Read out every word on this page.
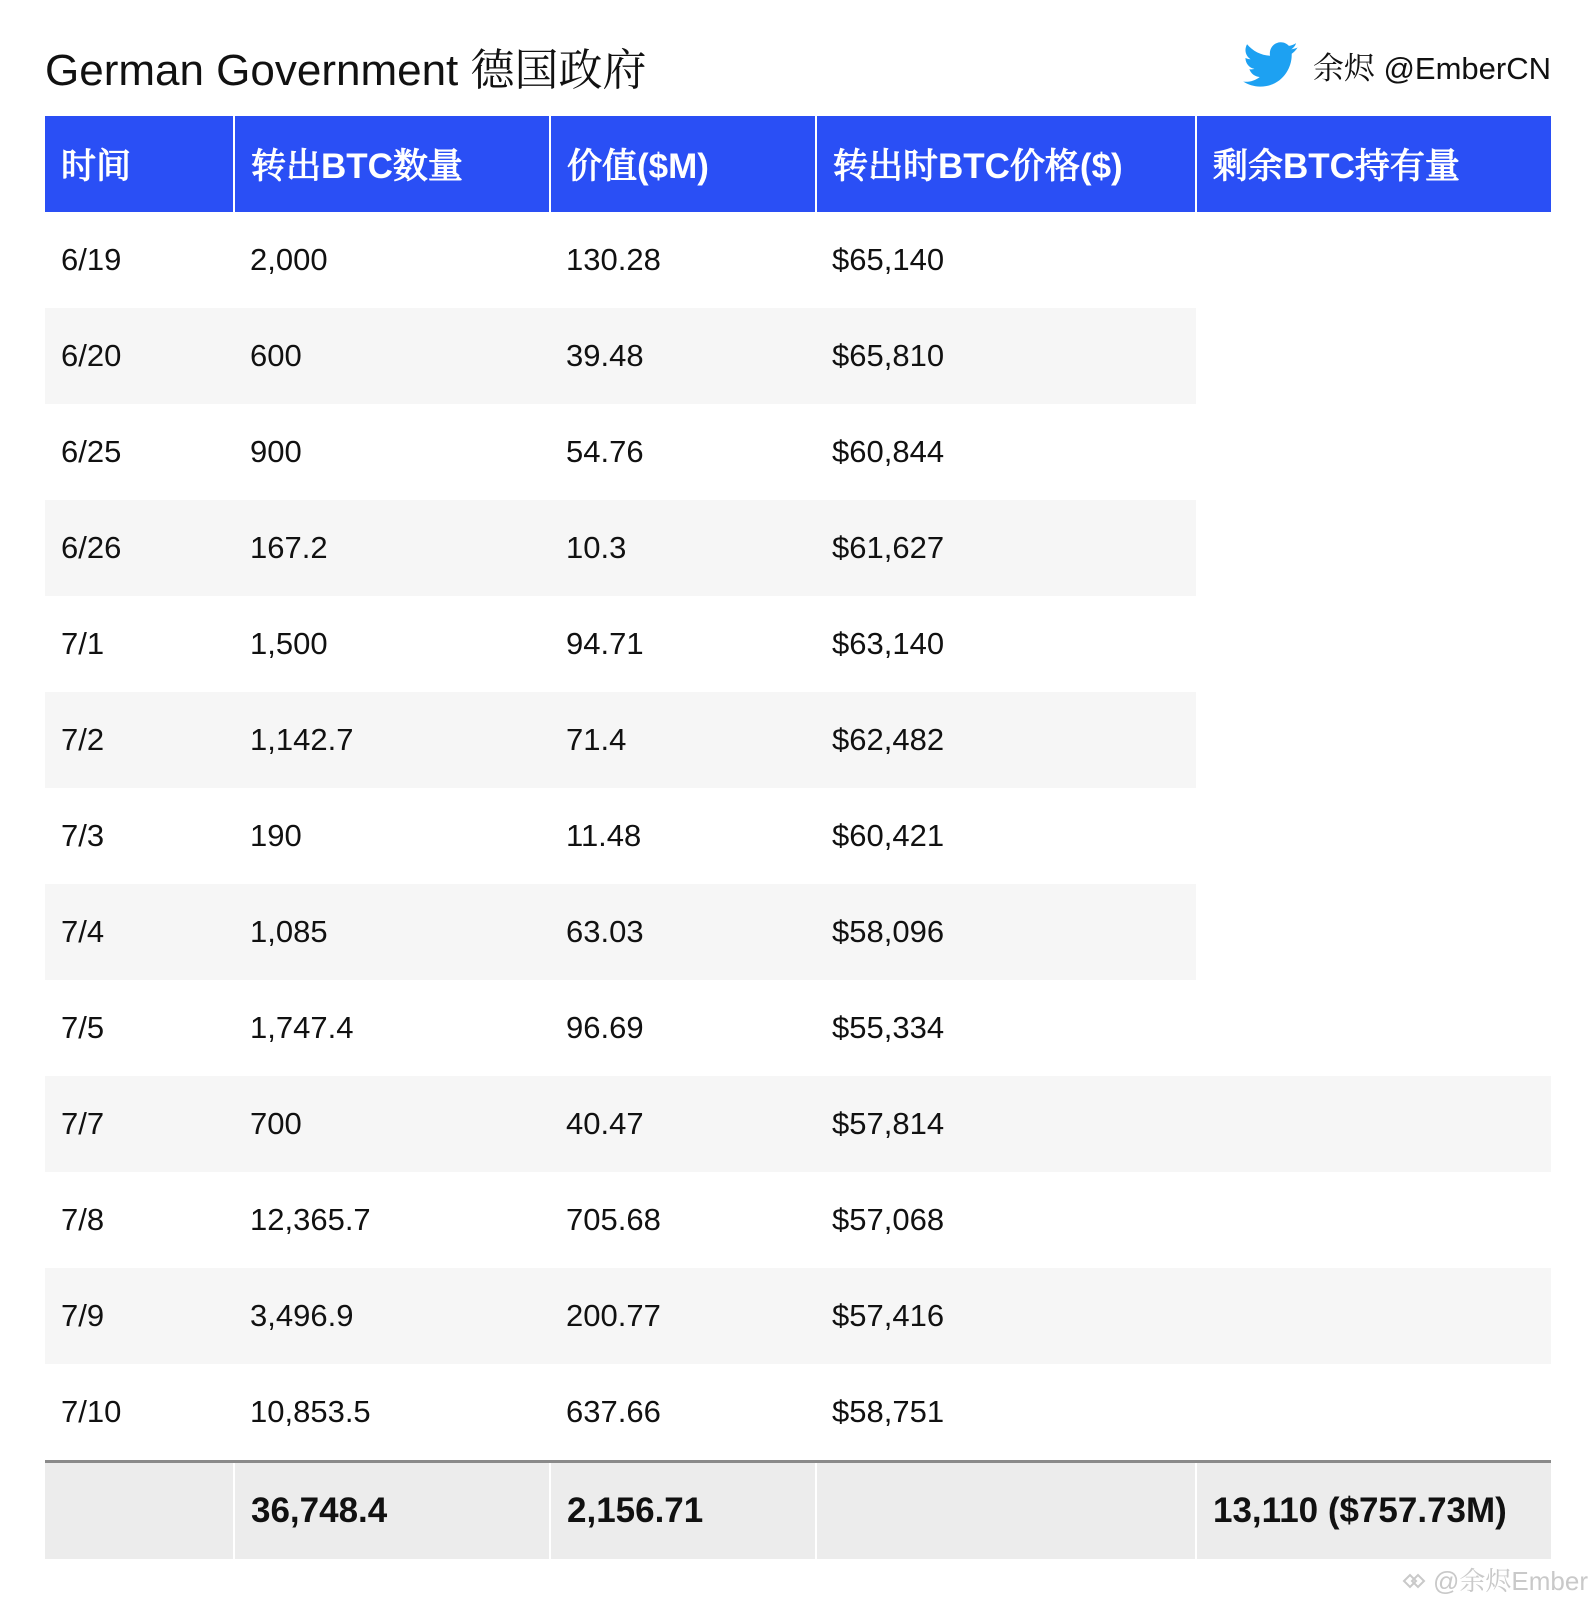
German Government 德国政府	余烬 @EmberCN
时间	转出BTC数量	价值($M)	转出时BTC价格($)	剩余BTC持有量
6/19	2,000	130.28	$65,140	
6/20	600	39.48	$65,810	
6/25	900	54.76	$60,844	
6/26	167.2	10.3	$61,627	
7/1	1,500	94.71	$63,140	
7/2	1,142.7	71.4	$62,482	
7/3	190	11.48	$60,421	
7/4	1,085	63.03	$58,096	
7/5	1,747.4	96.69	$55,334	
7/7	700	40.47	$57,814	
7/8	12,365.7	705.68	$57,068	
7/9	3,496.9	200.77	$57,416	
7/10	10,853.5	637.66	$58,751	
	36,748.4	2,156.71		13,110 ($757.73M)
@余烬Ember
